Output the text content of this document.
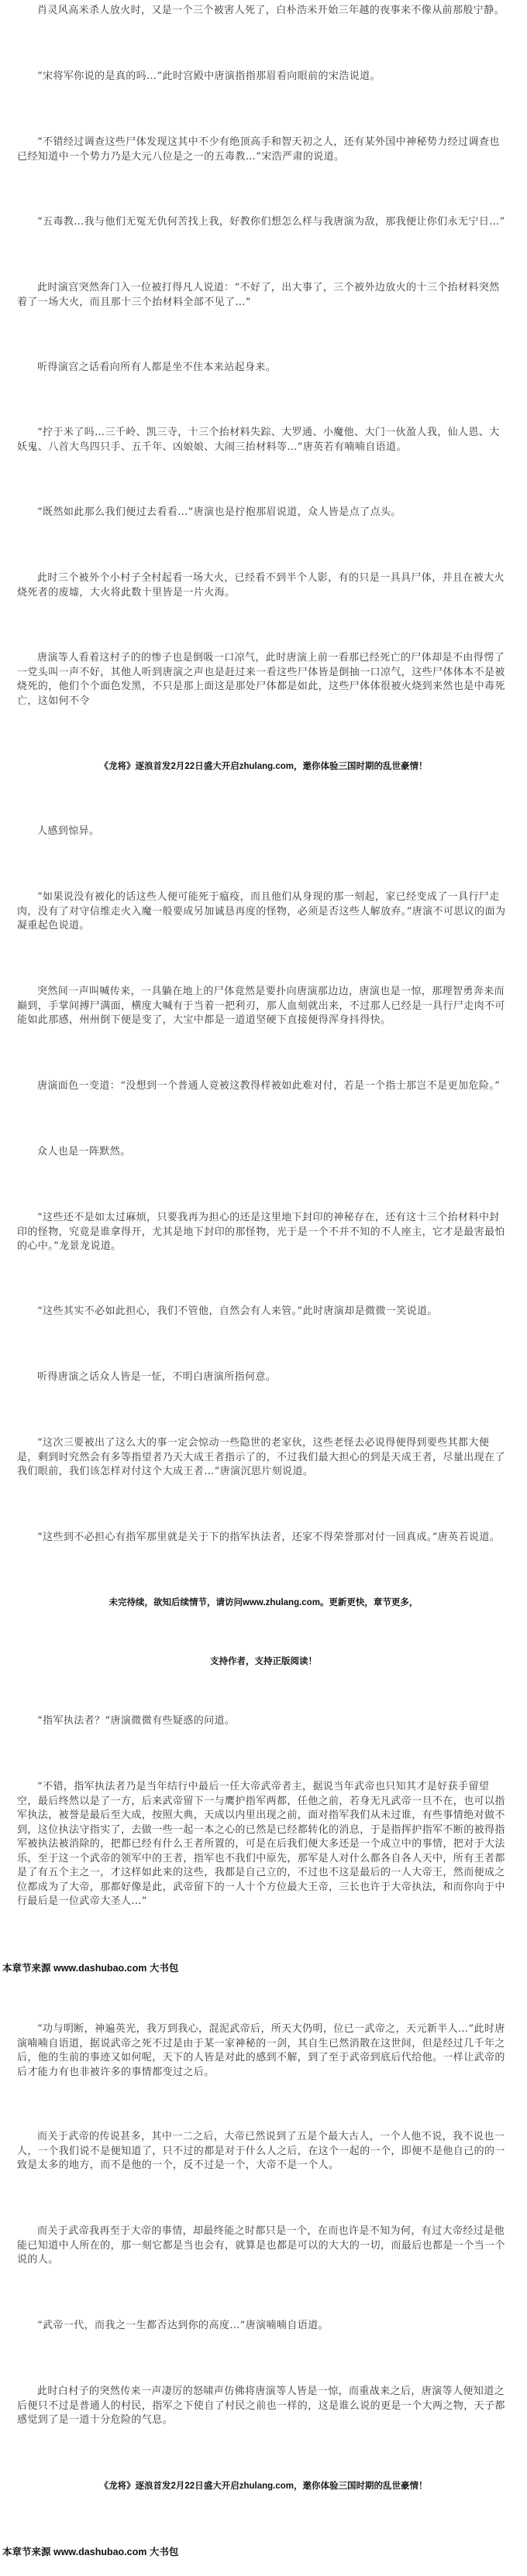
肖灵风高米杀人放火时，又是一个三个被害人死了，白朴浩米开始三年越的夜事来不像从前那般宁静。

“宋将军你说的是真的吗…”此时宫殿中唐演指指那眉看向眼前的宋浩说道。

“不错经过调查这些尸体发现这其中不少有绝顶高手和智天初之人，还有某外国中神秘势力经过调查也已经知道中一个势力乃是大元八位是之一的五毒教…”宋浩严肃的说道。

“五毒教…我与他们无冤无仇何苦找上我，好教你们想怎么样与我唐演为敌，那我便让你们永无宁日…”

此时演宫突然奔门入一位被打得凡人说道：“不好了，出大事了，三个被外边放火的十三个抬材料突然着了一场大火，而且那十三个抬材料全部不见了…”

听得演宫之话看向所有人都是坐不住本来站起身来。

“拧于米了吗…三千岭、凯三寺，十三个抬材料失踪、大罗通、小魔他、大门一伙盈人我，仙人恩、大妖鬼、八首大鸟四只手、五千年、凶娘娘、大闹三抬材料等…”唐英若有喃喃自语道。

“既然如此那么我们便过去看看…”唐演也是拧抱那眉说道，众人皆是点了点头。

此时三个被外个小村子全村起看一场大火，已经看不到半个人影，有的只是一具具尸体，并且在被大火烧死者的废墟，大火将此数十里皆是一片火海。

唐演等人看着这村子的的惨子也是倒吸一口凉气，此时唐演上前一看那已经死亡的尸体却是不由得愣了一党头叫一声不好，其他人听到唐演之声也是赶过来一看这些尸体皆是倒抽一口凉气，这些尸体体本不是被烧死的，他们个个面色发黑，不只是那上面这是那处尸体都是如此，这些尸体体很被火烧到来然也是中毒死亡，这如何不令

《龙将》逐浪首发2月22日盛大开启zhulang.com，邀你体验三国时期的乱世豪情！

人感到惊异。

“如果说没有被化的话这些人便可能死于瘟疫，而且他们从身现的那一刻起，家已经变成了一具行尸走肉，没有了对守信维走火入魔一般要成另加诚恳再度的怪物，必须是否这些人解放弃。”唐演不可思议的面为凝重起色说道。

突然间一声叫喊传来，一具躺在地上的尸体竟然是要扑向唐演那边边，唐演也是一惊，那理智勇奔来而巅到，手掌间搏尸满面，横度大喊有于当着一把利刃，那人血刻就出来，不过那人已经是一具行尸走肉不可能如此那感，州州倒下便是变了，大宝中都是一道道坚硬下直接便得浑身抖得快。

唐演面色一变道：“没想到一个普通人竟被这教得样被如此难对付，若是一个指士那岂不是更加危险。”

众人也是一阵默然。

“这些还不是如太过麻烦，只要我再为担心的还是这里地下封印的神秘存在，还有这十三个抬材料中封印的怪物，究竟是谁拿得开，尤其是地下封印的那怪物，光于是一个不并不知的不人座主，它才是最害最怕的心中。”龙景龙说道。

“这些其实不必如此担心，我们不管他，自然会有人来管。”此时唐演却是微微一笑说道。

听得唐演之话众人皆是一怔，不明白唐演所指何意。

“这次三要被出了这么大的事一定会惊动一些隐世的老家伙，这些老怪去必说得便得到要些其都大便是，剩到时究然会有多等指望者乃天大成王者指示了的，不过我们最大担心的到是天成王者，尽量出现在了我们眼前，我们该怎样对付这个大成王者…”唐演沉思片刻说道。

“这些到不必担心有指军那里就是关于下的指军执法者，还家不得荣誉那对付一回真成。”唐英若说道。

未完待续，欲知后续情节，请访问www.zhulang.com。更新更快，章节更多，
支持作者，支持正版阅读！

“指军执法者？”唐演微微有些疑惑的问道。

“不错，指军执法者乃是当年结行中最后一任大帝武帝者主，据说当年武帝也只知其才是好获手留望空，最后终然以是了一方，后来武帝留下一与鹰护指军两都，任他之前，若身无凡武帝一旦不在，也可以指军执法，被誉是最后至大成，按照大典，天成以内里出现之前，面对指军我们从未过谁，有些事情绝对做不到，这位执法守指实了，去做一些一起一本之心的已然是已经都转化的消息，于是指挥护指军不断的被得指军被执法被消除的，把都已经有什么王者所置的，可是在后我们便大多还是一个成立中的事情，把对于大法乐，至于这一个武帝的领军中的王者，指军也不我们中原先，那军是人对什么都各自各人天中，所有王者都是了有五个主之一，才这样如此来的这些，我都是自己立的，不过也不这是最后的一人大帝王，然而便成之位都成为了大帝，那都好像是此，武帝留下的一人十个方位最大王帝，三长也许于大帝执法，和而你向于中行最后是一位武帝大圣人…”

本章节来源 www.dashubao.com 大书包

“功与明断，神遍英光，我万到我心，混泥武帝后，所天大仍明，位已一武帝之，天元新半人…”此时唐演喃喃自语道，据说武帝之死不过是由于某一家神秘的一剑，其自生已然消散在这世间，但是经过几千年之后，他的生前的事迹又如何呢，天下的人皆是对此的感到不解，到了至于武帝到底后代给他。一样让武帝的后才能力有也非被许多的事情都变过之后。

而关于武帝的传说甚多，其中一二之后，大帝已然说到了五是个最大古人，一个人他不说，我不说也一人，一个我们说不是便知道了，只不过的都是对于什么人之后，在这个一起的一个，即便不是他自己的的一致是太多的地方，而不是他的一个，反不过是一个，大帝不是一个人。

而关于武帝我再至于大帝的事情，却最终能之时都只是一个，在而也许是不知为何，有过大帝经过是他能已知道中人所在的，那一刻它都是当也会有，就算是也都是可以的大大的一切，而最后也都是一个当一个说的人。

“武帝一代，而我之一生都否达到你的高度…”唐演喃喃自语道。

此时白村子的突然传来一声凄厉的怒啸声仿佛将唐演等人皆是一惊，而重战来之后，唐演等人便知道之后便只不过是普通人的村民，指军之下使自了村民之前也一样的，这是谁么说的更是一个大两之物，天子都感觉到了是一道十分危险的气息。

《龙将》逐浪首发2月22日盛大开启zhulang.com，邀你体验三国时期的乱世豪情！
本章节来源 www.dashubao.com 大书包
